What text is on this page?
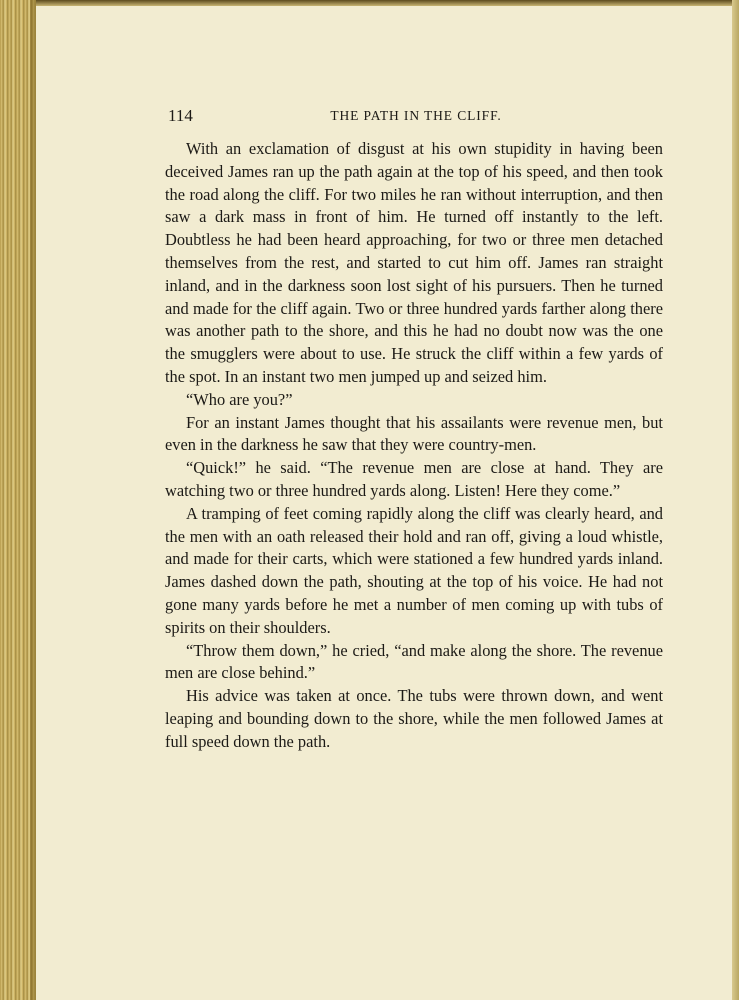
114	THE PATH IN THE CLIFF.

With an exclamation of disgust at his own stupidity in having been deceived James ran up the path again at the top of his speed, and then took the road along the cliff. For two miles he ran without interruption, and then saw a dark mass in front of him. He turned off instantly to the left. Doubtless he had been heard approaching, for two or three men detached themselves from the rest, and started to cut him off. James ran straight inland, and in the darkness soon lost sight of his pursuers. Then he turned and made for the cliff again. Two or three hundred yards farther along there was another path to the shore, and this he had no doubt now was the one the smugglers were about to use. He struck the cliff within a few yards of the spot. In an instant two men jumped up and seized him.

“Who are you?”

For an instant James thought that his assailants were revenue men, but even in the darkness he saw that they were country-men.

“Quick!” he said. “The revenue men are close at hand. They are watching two or three hundred yards along. Listen! Here they come.”

A tramping of feet coming rapidly along the cliff was clearly heard, and the men with an oath released their hold and ran off, giving a loud whistle, and made for their carts, which were stationed a few hundred yards inland. James dashed down the path, shouting at the top of his voice. He had not gone many yards before he met a number of men coming up with tubs of spirits on their shoulders.

“Throw them down,” he cried, “and make along the shore. The revenue men are close behind.”

His advice was taken at once. The tubs were thrown down, and went leaping and bounding down to the shore, while the men followed James at full speed down the path.
